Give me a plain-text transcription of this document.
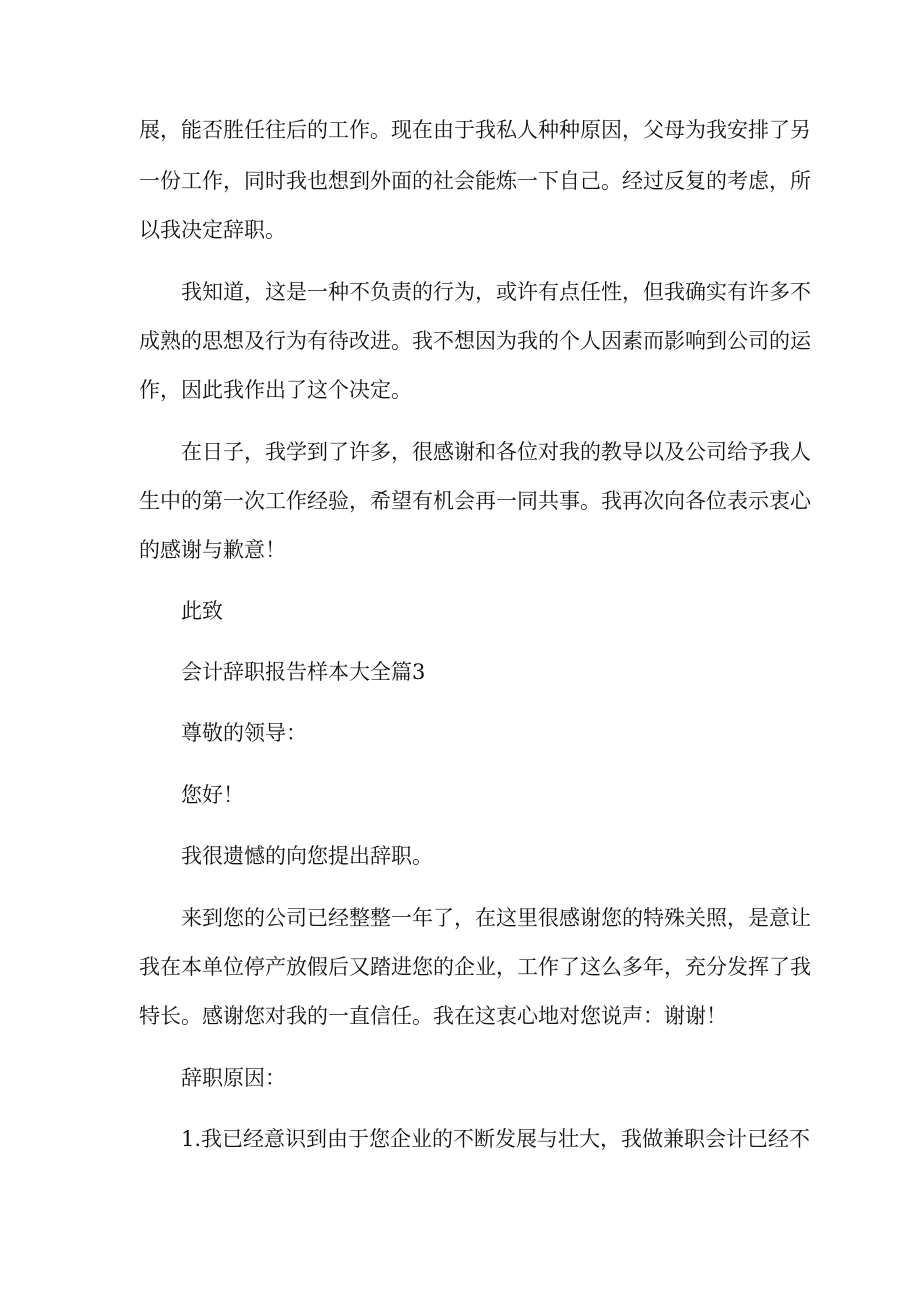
展，能否胜任往后的工作。现在由于我私人种种原因，父母为我安排了另

一份工作，同时我也想到外面的社会能炼一下自己。经过反复的考虑，所

以我决定辞职。

我知道，这是一种不负责的行为，或许有点任性，但我确实有许多不

成熟的思想及行为有待改进。我不想因为我的个人因素而影响到公司的运

作，因此我作出了这个决定。

在日子，我学到了许多，很感谢和各位对我的教导以及公司给予我人

生中的第一次工作经验，希望有机会再一同共事。我再次向各位表示衷心

的感谢与歉意！

此致

会计辞职报告样本大全篇3

尊敬的领导：

您好！

我很遗憾的向您提出辞职。

来到您的公司已经整整一年了，在这里很感谢您的特殊关照，是意让

我在本单位停产放假后又踏进您的企业，工作了这么多年，充分发挥了我

特长。感谢您对我的一直信任。我在这衷心地对您说声：谢谢！

辞职原因：

1.我已经意识到由于您企业的不断发展与壮大，我做兼职会计已经不
